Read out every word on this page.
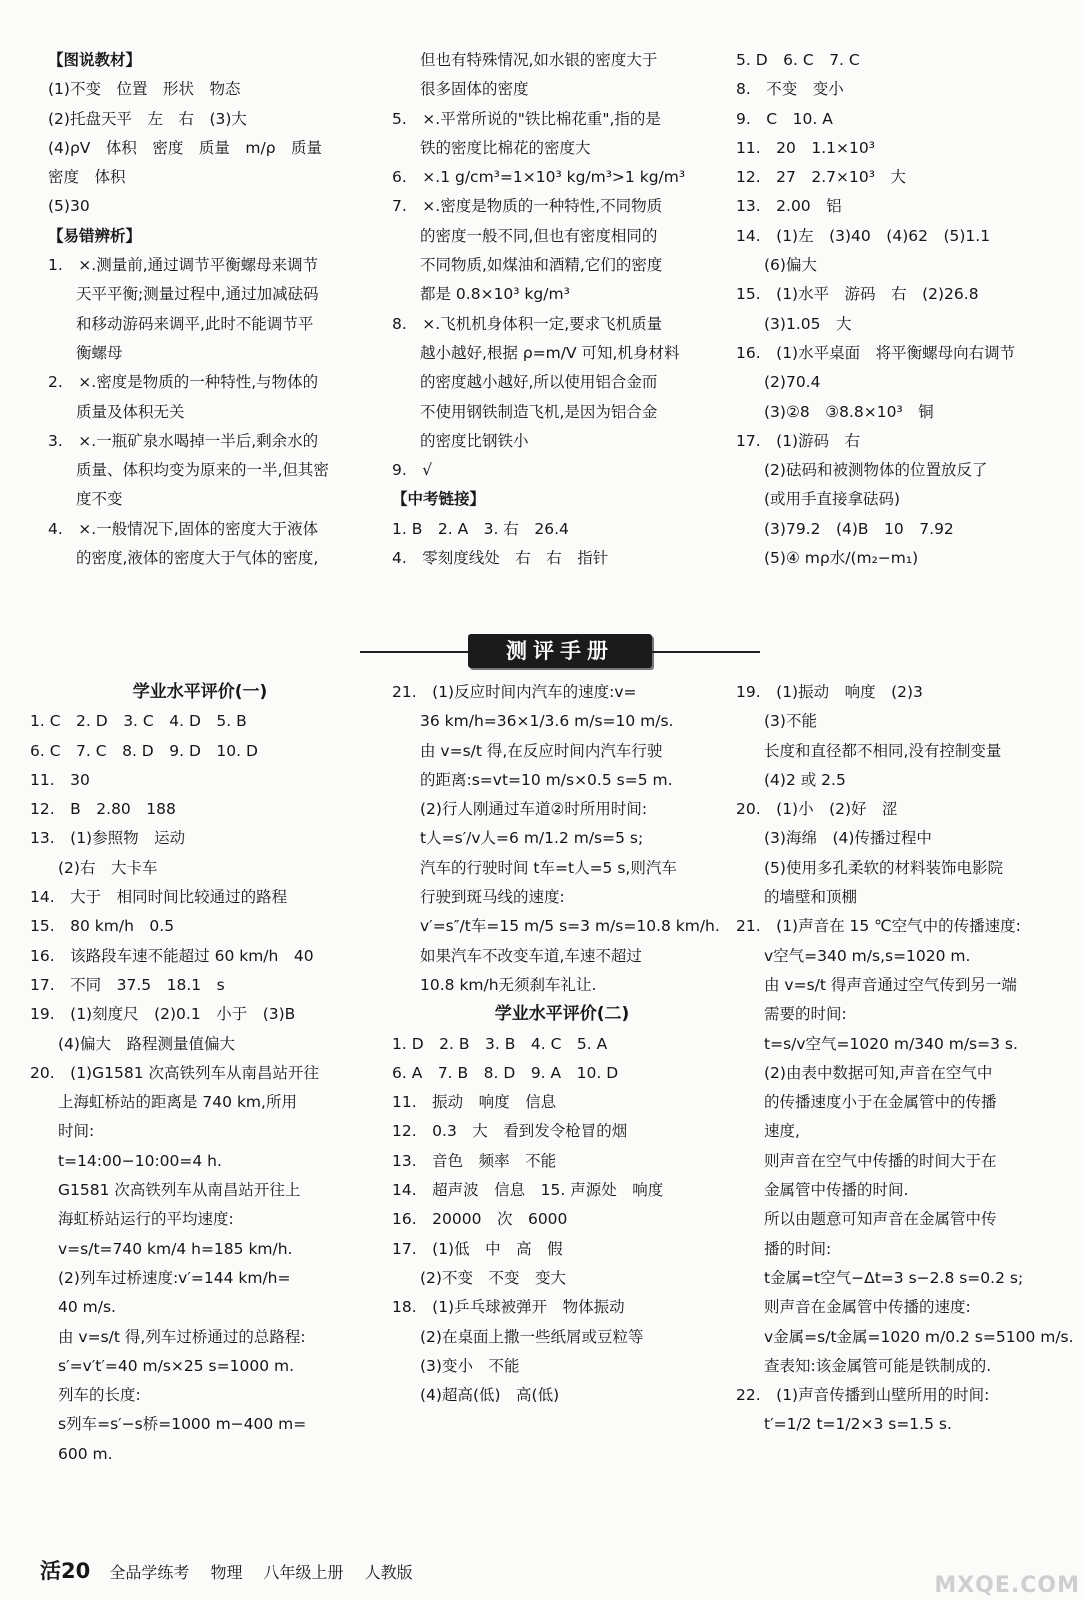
【图说教材】
(1)不变　位置　形状　物态
(2)托盘天平　左　右　(3)大
(4)ρV　体积　密度　质量　m/ρ　质量
密度　体积
(5)30
【易错辨析】
1.　×.测量前,通过调节平衡螺母来调节
天平平衡;测量过程中,通过加减砝码
和移动游码来调平,此时不能调节平
衡螺母
2.　×.密度是物质的一种特性,与物体的
质量及体积无关
3.　×.一瓶矿泉水喝掉一半后,剩余水的
质量、体积均变为原来的一半,但其密
度不变
4.　×.一般情况下,固体的密度大于液体
的密度,液体的密度大于气体的密度,
但也有特殊情况,如水银的密度大于
很多固体的密度
5.　×.平常所说的"铁比棉花重",指的是
铁的密度比棉花的密度大
6.　×.1 g/cm³=1×10³ kg/m³>1 kg/m³
7.　×.密度是物质的一种特性,不同物质
的密度一般不同,但也有密度相同的
不同物质,如煤油和酒精,它们的密度
都是 0.8×10³ kg/m³
8.　×.飞机机身体积一定,要求飞机质量
越小越好,根据 ρ=m/V 可知,机身材料
的密度越小越好,所以使用铝合金而
不使用钢铁制造飞机,是因为铝合金
的密度比钢铁小
9.　√
【中考链接】
1. B　2. A　3. 右　26.4
4.　零刻度线处　右　右　指针
5. D　6. C　7. C
8.　不变　变小
9.　C　10. A
11.　20　1.1×10³
12.　27　2.7×10³　大
13.　2.00　铝
14.　(1)左　(3)40　(4)62　(5)1.1
(6)偏大
15.　(1)水平　游码　右　(2)26.8
(3)1.05　大
16.　(1)水平桌面　将平衡螺母向右调节
(2)70.4
(3)②8　③8.8×10³　铜
17.　(1)游码　右
(2)砝码和被测物体的位置放反了
(或用手直接拿砝码)
(3)79.2　(4)B　10　7.92
(5)④ mρ水/(m₂−m₁)
测评手册
学业水平评价(一)
1. C　2. D　3. C　4. D　5. B
6. C　7. C　8. D　9. D　10. D
11.　30
12.　B　2.80　188
13.　(1)参照物　运动
(2)右　大卡车
14.　大于　相同时间比较通过的路程
15.　80 km/h　0.5
16.　该路段车速不能超过 60 km/h　40
17.　不同　37.5　18.1　s
19.　(1)刻度尺　(2)0.1　小于　(3)B
(4)偏大　路程测量值偏大
20.　(1)G1581 次高铁列车从南昌站开往
上海虹桥站的距离是 740 km,所用
时间:
t=14:00−10:00=4 h.
G1581 次高铁列车从南昌站开往上
海虹桥站运行的平均速度:
v=s/t=740 km/4 h=185 km/h.
(2)列车过桥速度:v′=144 km/h=
40 m/s.
由 v=s/t 得,列车过桥通过的总路程:
s′=v′t′=40 m/s×25 s=1000 m.
列车的长度:
s列车=s′−s桥=1000 m−400 m=
600 m.
21.　(1)反应时间内汽车的速度:v=
36 km/h=36×1/3.6 m/s=10 m/s.
由 v=s/t 得,在反应时间内汽车行驶
的距离:s=vt=10 m/s×0.5 s=5 m.
(2)行人刚通过车道②时所用时间:
t人=s′/v人=6 m/1.2 m/s=5 s;
汽车的行驶时间 t车=t人=5 s,则汽车
行驶到斑马线的速度:
v′=s″/t车=15 m/5 s=3 m/s=10.8 km/h.
如果汽车不改变车道,车速不超过
10.8 km/h无须刹车礼让.
学业水平评价(二)
1. D　2. B　3. B　4. C　5. A
6. A　7. B　8. D　9. A　10. D
11.　振动　响度　信息
12.　0.3　大　看到发令枪冒的烟
13.　音色　频率　不能
14.　超声波　信息　15. 声源处　响度
16.　20000　次　6000
17.　(1)低　中　高　假
(2)不变　不变　变大
18.　(1)乒乓球被弹开　物体振动
(2)在桌面上撒一些纸屑或豆粒等
(3)变小　不能
(4)超高(低)　高(低)
19.　(1)振动　响度　(2)3
(3)不能
长度和直径都不相同,没有控制变量
(4)2 或 2.5
20.　(1)小　(2)好　涩
(3)海绵　(4)传播过程中
(5)使用多孔柔软的材料装饰电影院
的墙壁和顶棚
21.　(1)声音在 15 ℃空气中的传播速度:
v空气=340 m/s,s=1020 m.
由 v=s/t 得声音通过空气传到另一端
需要的时间:
t=s/v空气=1020 m/340 m/s=3 s.
(2)由表中数据可知,声音在空气中
的传播速度小于在金属管中的传播
速度,
则声音在空气中传播的时间大于在
金属管中传播的时间.
所以由题意可知声音在金属管中传
播的时间:
t金属=t空气−Δt=3 s−2.8 s=0.2 s;
则声音在金属管中传播的速度:
v金属=s/t金属=1020 m/0.2 s=5100 m/s.
查表知:该金属管可能是铁制成的.
22.　(1)声音传播到山壁所用的时间:
t′=1/2 t=1/2×3 s=1.5 s.
活20 全品学练考 物理 八年级上册 人教版
MXQE.COM
